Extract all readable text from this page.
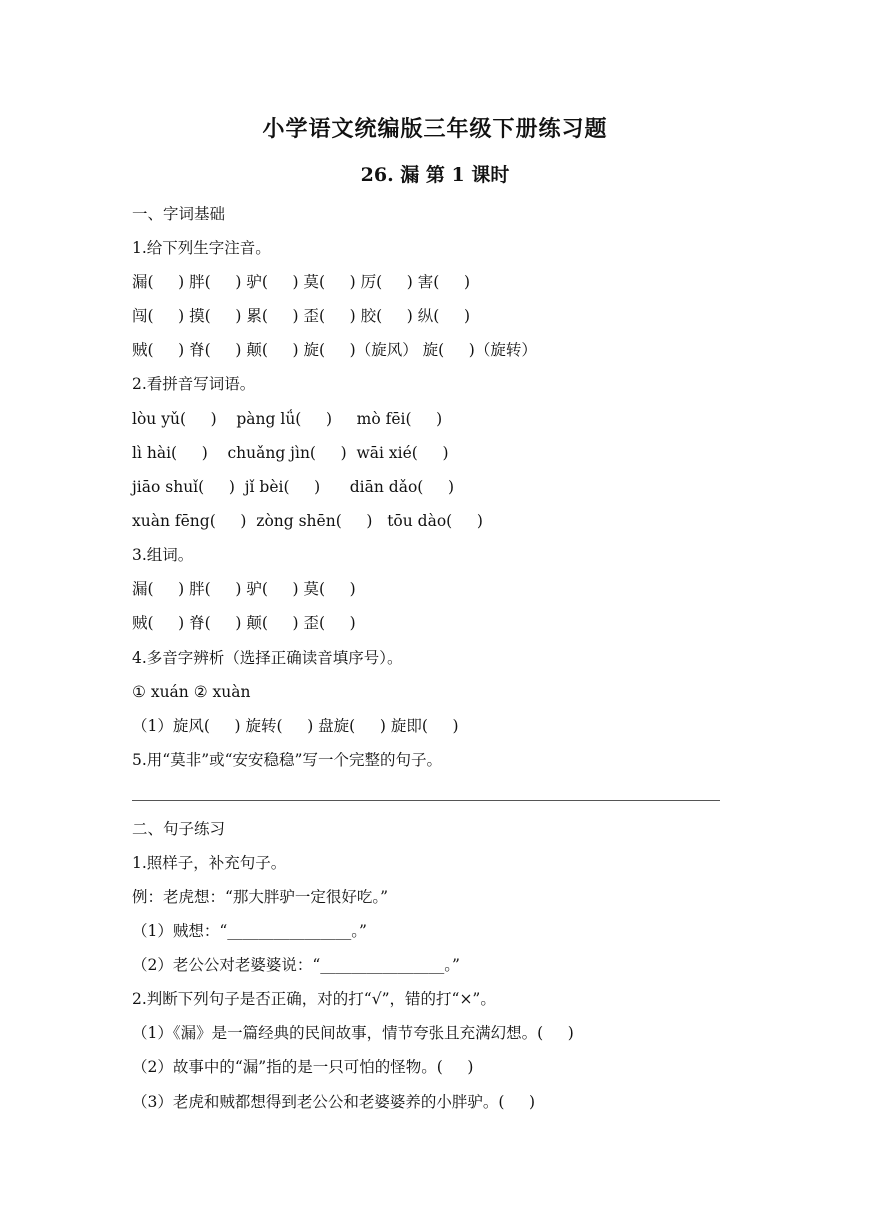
小学语文统编版三年级下册练习题
26. 漏 第 1 课时
一、字词基础
1.给下列生字注音。
漏(     ) 胖(     ) 驴(     ) 莫(     ) 厉(     ) 害(     )
闯(     ) 摸(     ) 累(     ) 歪(     ) 胶(     ) 纵(     )
贼(     ) 脊(     ) 颠(     ) 旋(     )（旋风） 旋(     )（旋转）
2.看拼音写词语。
lòu yǔ(     )    pàng lǘ(     )     mò fēi(     )
lì hài(     )    chuǎng jìn(     )  wāi xié(     )
jiāo shuǐ(     )  jǐ bèi(     )      diān dǎo(     )
xuàn fēng(     )  zòng shēn(     )   tōu dào(     )
3.组词。
漏(     ) 胖(     ) 驴(     ) 莫(     )
贼(     ) 脊(     ) 颠(     ) 歪(     )
4.多音字辨析（选择正确读音填序号）。
① xuán ② xuàn
（1）旋风(     ) 旋转(     ) 盘旋(     ) 旋即(     )
5.用“莫非”或“安安稳稳”写一个完整的句子。
二、句子练习
1.照样子，补充句子。
例：老虎想：“那大胖驴一定很好吃。”
（1）贼想：“________________。”
（2）老公公对老婆婆说：“________________。”
2.判断下列句子是否正确，对的打“√”，错的打“×”。
（1）《漏》是一篇经典的民间故事，情节夸张且充满幻想。(     )
（2）故事中的“漏”指的是一只可怕的怪物。(     )
（3）老虎和贼都想得到老公公和老婆婆养的小胖驴。(     )
